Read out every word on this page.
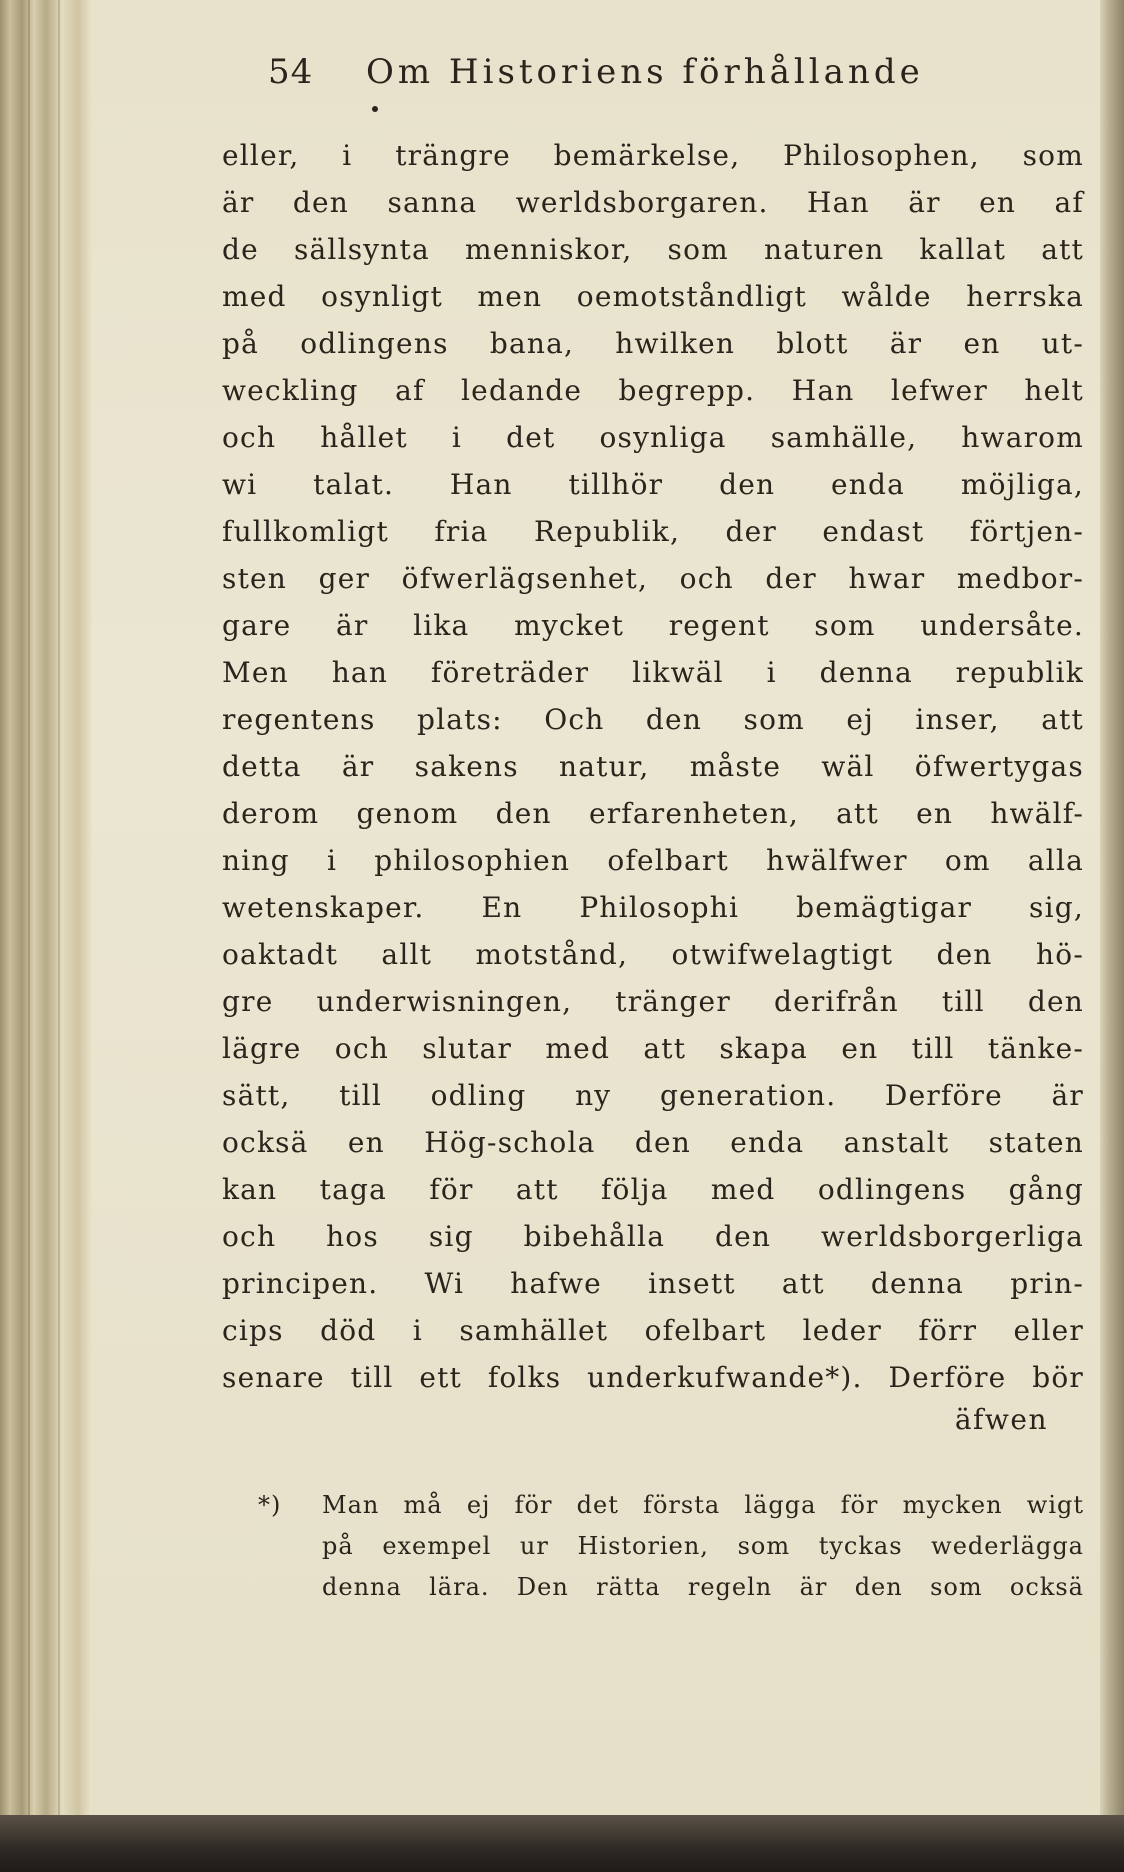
54 Om Historiens förhållande
eller, i trängre bemärkelse, Philosophen, som
är den sanna werldsborgaren. Han är en af
de sällsynta menniskor, som naturen kallat att
med osynligt men oemotståndligt wålde herrska
på odlingens bana, hwilken blott är en ut-
weckling af ledande begrepp. Han lefwer helt
och hållet i det osynliga samhälle, hwarom
wi talat. Han tillhör den enda möjliga,
fullkomligt fria Republik, der endast förtjen-
sten ger öfwerlägsenhet, och der hwar medbor-
gare är lika mycket regent som undersåte.
Men han företräder likwäl i denna republik
regentens plats: Och den som ej inser, att
detta är sakens natur, måste wäl öfwertygas
derom genom den erfarenheten, att en hwälf-
ning i philosophien ofelbart hwälfwer om alla
wetenskaper. En Philosophi bemägtigar sig,
oaktadt allt motstånd, otwifwelagtigt den hö-
gre underwisningen, tränger derifrån till den
lägre och slutar med att skapa en till tänke-
sätt, till odling ny generation. Derföre är
ocksä en Hög-schola den enda anstalt staten
kan taga för att följa med odlingens gång
och hos sig bibehålla den werldsborgerliga
principen. Wi hafwe insett att denna prin-
cips död i samhället ofelbart leder förr eller
senare till ett folks underkufwande*). Derföre bör
äfwen
*)	Man må ej för det första lägga för mycken wigt
på exempel ur Historien, som tyckas wederlägga
denna lära. Den rätta regeln är den som ocksä
